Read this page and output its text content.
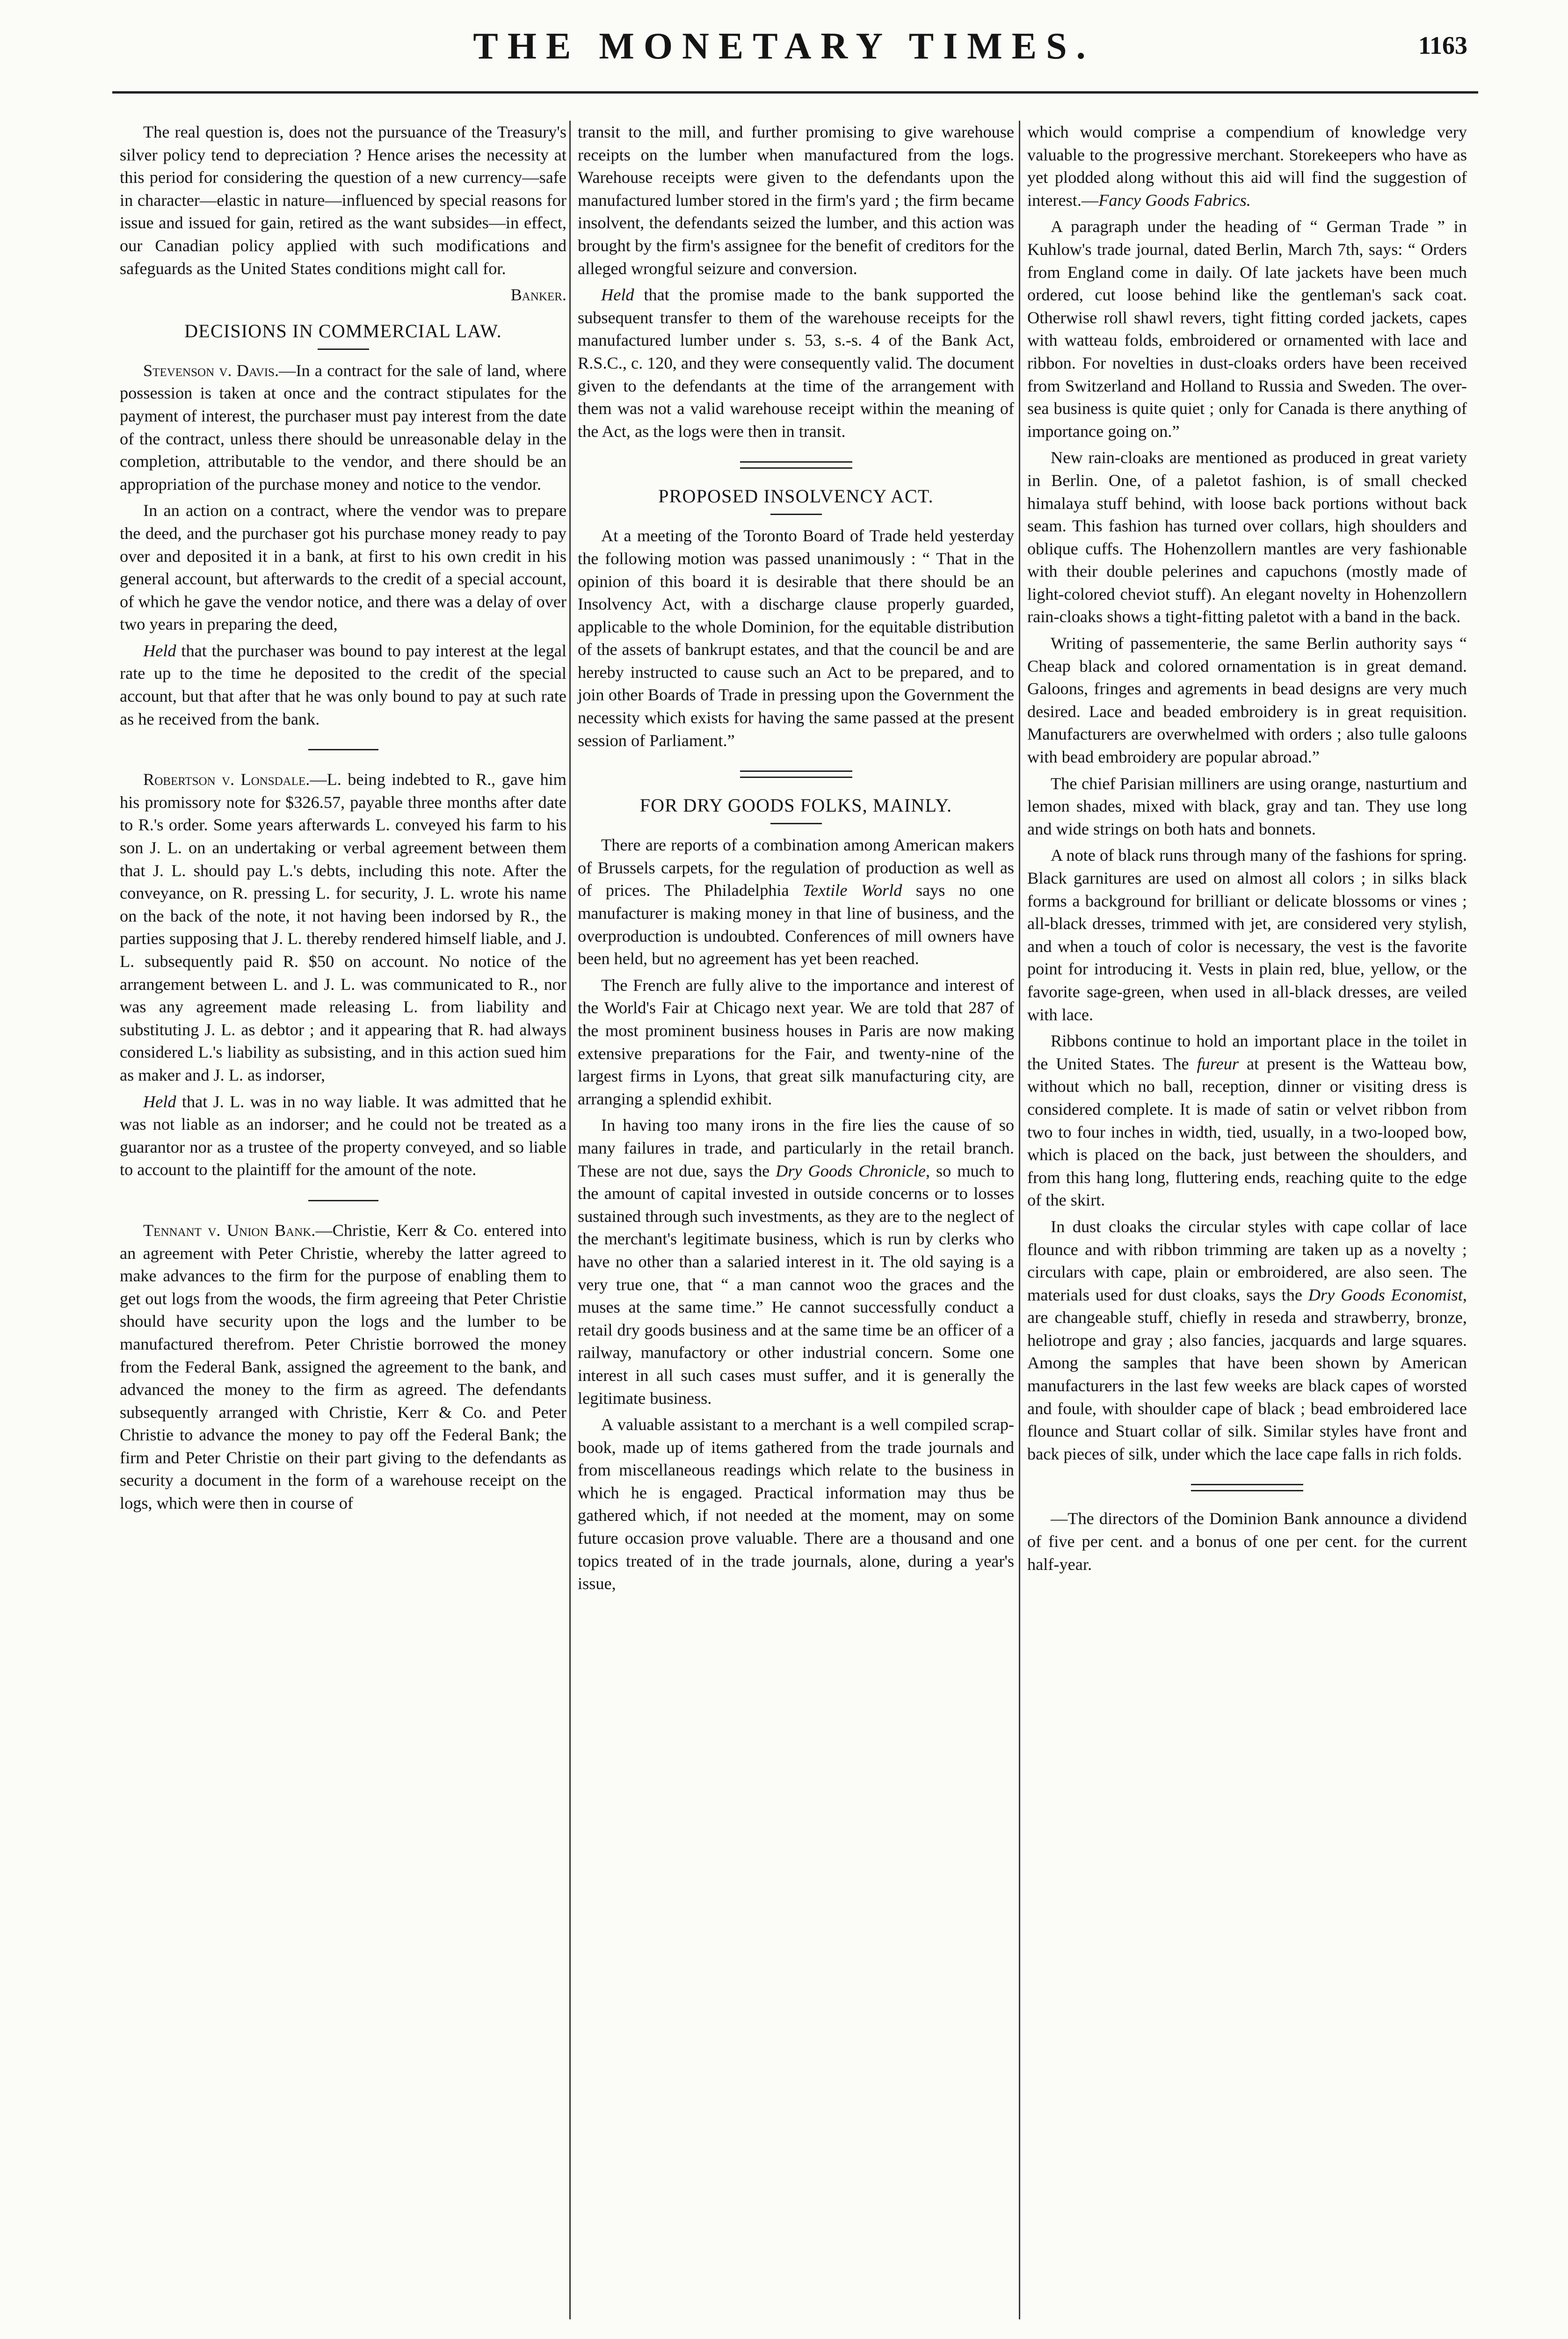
THE MONETARY TIMES.	1163

The real question is, does not the pursuance of the Treasury's silver policy tend to depreciation ? Hence arises the necessity at this period for considering the question of a new currency—safe in character—elastic in nature—influenced by special reasons for issue and issued for gain, retired as the want subsides—in effect, our Canadian policy applied with such modifications and safeguards as the United States conditions might call for.

Banker.

DECISIONS IN COMMERCIAL LAW.

Stevenson v. Davis.—In a contract for the sale of land, where possession is taken at once and the contract stipulates for the payment of interest, the purchaser must pay interest from the date of the contract, unless there should be unreasonable delay in the completion, attributable to the vendor, and there should be an appropriation of the purchase money and notice to the vendor.

In an action on a contract, where the vendor was to prepare the deed, and the purchaser got his purchase money ready to pay over and deposited it in a bank, at first to his own credit in his general account, but afterwards to the credit of a special account, of which he gave the vendor notice, and there was a delay of over two years in preparing the deed,

Held that the purchaser was bound to pay interest at the legal rate up to the time he deposited to the credit of the special account, but that after that he was only bound to pay at such rate as he received from the bank.

Robertson v. Lonsdale.—L. being indebted to R., gave him his promissory note for $326.57, payable three months after date to R.'s order. Some years afterwards L. conveyed his farm to his son J. L. on an undertaking or verbal agreement between them that J. L. should pay L.'s debts, including this note. After the conveyance, on R. pressing L. for security, J. L. wrote his name on the back of the note, it not having been indorsed by R., the parties supposing that J. L. thereby rendered himself liable, and J. L. subsequently paid R. $50 on account. No notice of the arrangement between L. and J. L. was communicated to R., nor was any agreement made releasing L. from liability and substituting J. L. as debtor ; and it appearing that R. had always considered L.'s liability as subsisting, and in this action sued him as maker and J. L. as indorser,

Held that J. L. was in no way liable. It was admitted that he was not liable as an indorser; and he could not be treated as a guarantor nor as a trustee of the property conveyed, and so liable to account to the plaintiff for the amount of the note.

Tennant v. Union Bank.—Christie, Kerr & Co. entered into an agreement with Peter Christie, whereby the latter agreed to make advances to the firm for the purpose of enabling them to get out logs from the woods, the firm agreeing that Peter Christie should have security upon the logs and the lumber to be manufactured therefrom. Peter Christie borrowed the money from the Federal Bank, assigned the agreement to the bank, and advanced the money to the firm as agreed. The defendants subsequently arranged with Christie, Kerr & Co. and Peter Christie to advance the money to pay off the Federal Bank; the firm and Peter Christie on their part giving to the defendants as security a document in the form of a warehouse receipt on the logs, which were then in course of

transit to the mill, and further promising to give warehouse receipts on the lumber when manufactured from the logs. Warehouse receipts were given to the defendants upon the manufactured lumber stored in the firm's yard ; the firm became insolvent, the defendants seized the lumber, and this action was brought by the firm's assignee for the benefit of creditors for the alleged wrongful seizure and conversion.

Held that the promise made to the bank supported the subsequent transfer to them of the warehouse receipts for the manufactured lumber under s. 53, s.-s. 4 of the Bank Act, R.S.C., c. 120, and they were consequently valid. The document given to the defendants at the time of the arrangement with them was not a valid warehouse receipt within the meaning of the Act, as the logs were then in transit.

PROPOSED INSOLVENCY ACT.

At a meeting of the Toronto Board of Trade held yesterday the following motion was passed unanimously : “ That in the opinion of this board it is desirable that there should be an Insolvency Act, with a discharge clause properly guarded, applicable to the whole Dominion, for the equitable distribution of the assets of bankrupt estates, and that the council be and are hereby instructed to cause such an Act to be prepared, and to join other Boards of Trade in pressing upon the Government the necessity which exists for having the same passed at the present session of Parliament.”

FOR DRY GOODS FOLKS, MAINLY.

There are reports of a combination among American makers of Brussels carpets, for the regulation of production as well as of prices. The Philadelphia Textile World says no one manufacturer is making money in that line of business, and the overproduction is undoubted. Conferences of mill owners have been held, but no agreement has yet been reached.

The French are fully alive to the importance and interest of the World's Fair at Chicago next year. We are told that 287 of the most prominent business houses in Paris are now making extensive preparations for the Fair, and twenty-nine of the largest firms in Lyons, that great silk manufacturing city, are arranging a splendid exhibit.

In having too many irons in the fire lies the cause of so many failures in trade, and particularly in the retail branch. These are not due, says the Dry Goods Chronicle, so much to the amount of capital invested in outside concerns or to losses sustained through such investments, as they are to the neglect of the merchant's legitimate business, which is run by clerks who have no other than a salaried interest in it. The old saying is a very true one, that “ a man cannot woo the graces and the muses at the same time.” He cannot successfully conduct a retail dry goods business and at the same time be an officer of a railway, manufactory or other industrial concern. Some one interest in all such cases must suffer, and it is generally the legitimate business.

A valuable assistant to a merchant is a well compiled scrap-book, made up of items gathered from the trade journals and from miscellaneous readings which relate to the business in which he is engaged. Practical information may thus be gathered which, if not needed at the moment, may on some future occasion prove valuable. There are a thousand and one topics treated of in the trade journals, alone, during a year's issue,

which would comprise a compendium of knowledge very valuable to the progressive merchant. Storekeepers who have as yet plodded along without this aid will find the suggestion of interest.—Fancy Goods Fabrics.

A paragraph under the heading of “ German Trade ” in Kuhlow's trade journal, dated Berlin, March 7th, says: “ Orders from England come in daily. Of late jackets have been much ordered, cut loose behind like the gentleman's sack coat. Otherwise roll shawl revers, tight fitting corded jackets, capes with watteau folds, embroidered or ornamented with lace and ribbon. For novelties in dust-cloaks orders have been received from Switzerland and Holland to Russia and Sweden. The over-sea business is quite quiet ; only for Canada is there anything of importance going on.”

New rain-cloaks are mentioned as produced in great variety in Berlin. One, of a paletot fashion, is of small checked himalaya stuff behind, with loose back portions without back seam. This fashion has turned over collars, high shoulders and oblique cuffs. The Hohenzollern mantles are very fashionable with their double pelerines and capuchons (mostly made of light-colored cheviot stuff). An elegant novelty in Hohenzollern rain-cloaks shows a tight-fitting paletot with a band in the back.

Writing of passementerie, the same Berlin authority says “ Cheap black and colored ornamentation is in great demand. Galoons, fringes and agrements in bead designs are very much desired. Lace and beaded embroidery is in great requisition. Manufacturers are overwhelmed with orders ; also tulle galoons with bead embroidery are popular abroad.”

The chief Parisian milliners are using orange, nasturtium and lemon shades, mixed with black, gray and tan. They use long and wide strings on both hats and bonnets.

A note of black runs through many of the fashions for spring. Black garnitures are used on almost all colors ; in silks black forms a background for brilliant or delicate blossoms or vines ; all-black dresses, trimmed with jet, are considered very stylish, and when a touch of color is necessary, the vest is the favorite point for introducing it. Vests in plain red, blue, yellow, or the favorite sage-green, when used in all-black dresses, are veiled with lace.

Ribbons continue to hold an important place in the toilet in the United States. The fureur at present is the Watteau bow, without which no ball, reception, dinner or visiting dress is considered complete. It is made of satin or velvet ribbon from two to four inches in width, tied, usually, in a two-looped bow, which is placed on the back, just between the shoulders, and from this hang long, fluttering ends, reaching quite to the edge of the skirt.

In dust cloaks the circular styles with cape collar of lace flounce and with ribbon trimming are taken up as a novelty ; circulars with cape, plain or embroidered, are also seen. The materials used for dust cloaks, says the Dry Goods Economist, are changeable stuff, chiefly in reseda and strawberry, bronze, heliotrope and gray ; also fancies, jacquards and large squares. Among the samples that have been shown by American manufacturers in the last few weeks are black capes of worsted and foule, with shoulder cape of black ; bead embroidered lace flounce and Stuart collar of silk. Similar styles have front and back pieces of silk, under which the lace cape falls in rich folds.

—The directors of the Dominion Bank announce a dividend of five per cent. and a bonus of one per cent. for the current half-year.
